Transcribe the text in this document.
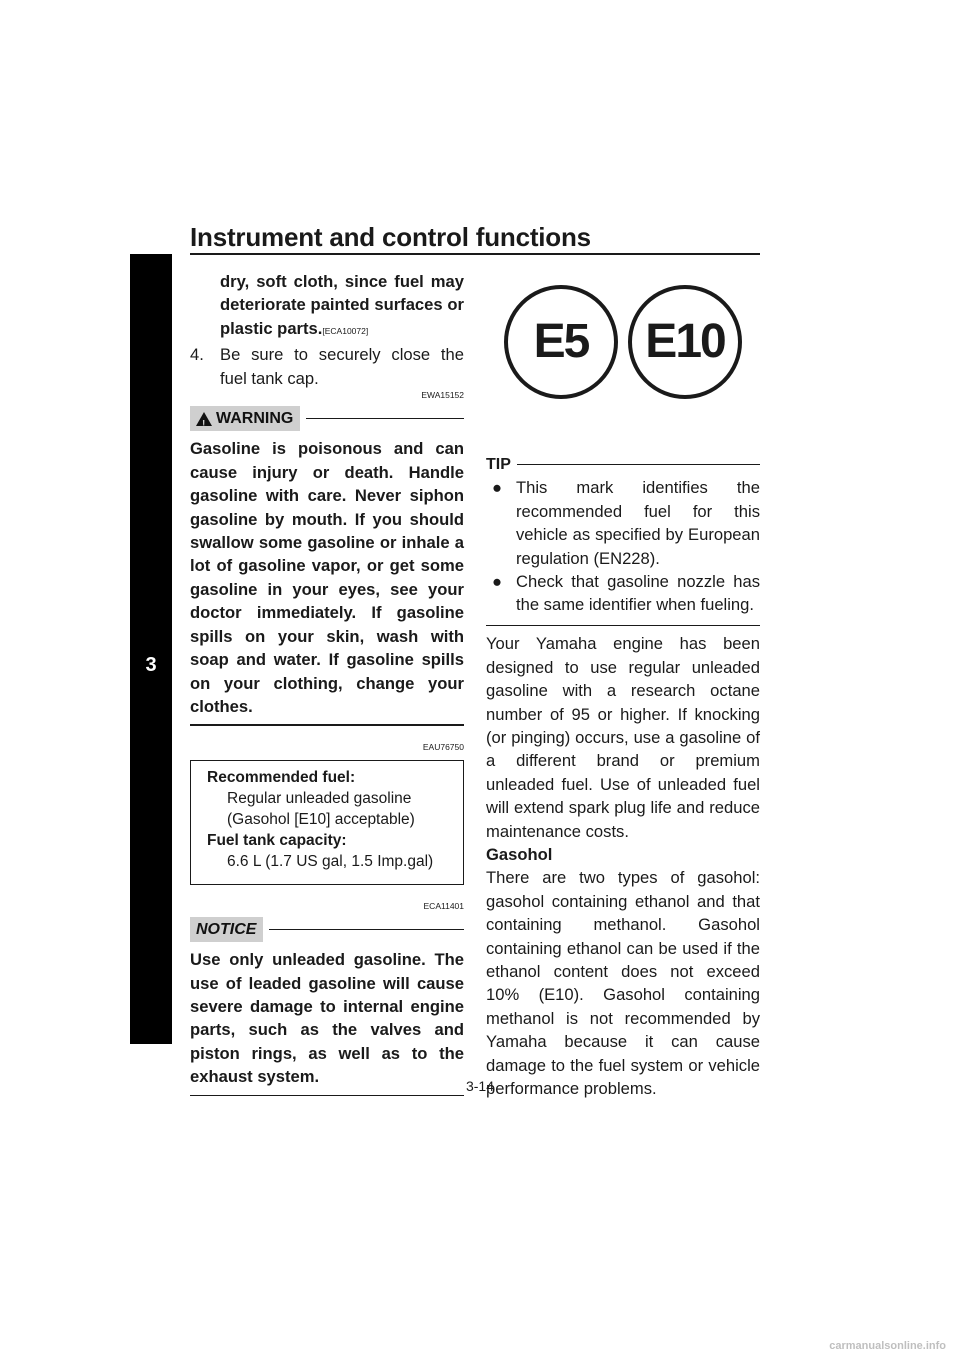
Instrument and control functions
3
dry, soft cloth, since fuel may deteriorate painted surfaces or plastic parts.[ECA10072]
4. Be sure to securely close the fuel tank cap.
EWA15152
!
WARNING
Gasoline is poisonous and can cause injury or death. Handle gasoline with care. Never siphon gasoline by mouth. If you should swallow some gasoline or inhale a lot of gasoline vapor, or get some gasoline in your eyes, see your doctor immediately. If gasoline spills on your skin, wash with soap and water. If gasoline spills on your clothing, change your clothes.
EAU76750
Recommended fuel:
Regular unleaded gasoline (Gasohol [E10] acceptable)
Fuel tank capacity:
6.6 L (1.7 US gal, 1.5 Imp.gal)
ECA11401
NOTICE
Use only unleaded gasoline. The use of leaded gasoline will cause severe damage to internal engine parts, such as the valves and piston rings, as well as to the exhaust system.
E5	E10
TIP
● This mark identifies the recommended fuel for this vehicle as specified by European regulation (EN228).
● Check that gasoline nozzle has the same identifier when fueling.
Your Yamaha engine has been designed to use regular unleaded gasoline with a research octane number of 95 or higher. If knocking (or pinging) occurs, use a gasoline of a different brand or premium unleaded fuel. Use of unleaded fuel will extend spark plug life and reduce maintenance costs.
Gasohol
There are two types of gasohol: gasohol containing ethanol and that containing methanol. Gasohol containing ethanol can be used if the ethanol content does not exceed 10% (E10). Gasohol containing methanol is not recommended by Yamaha because it can cause damage to the fuel system or vehicle performance problems.
3-14
carmanualsonline.info
